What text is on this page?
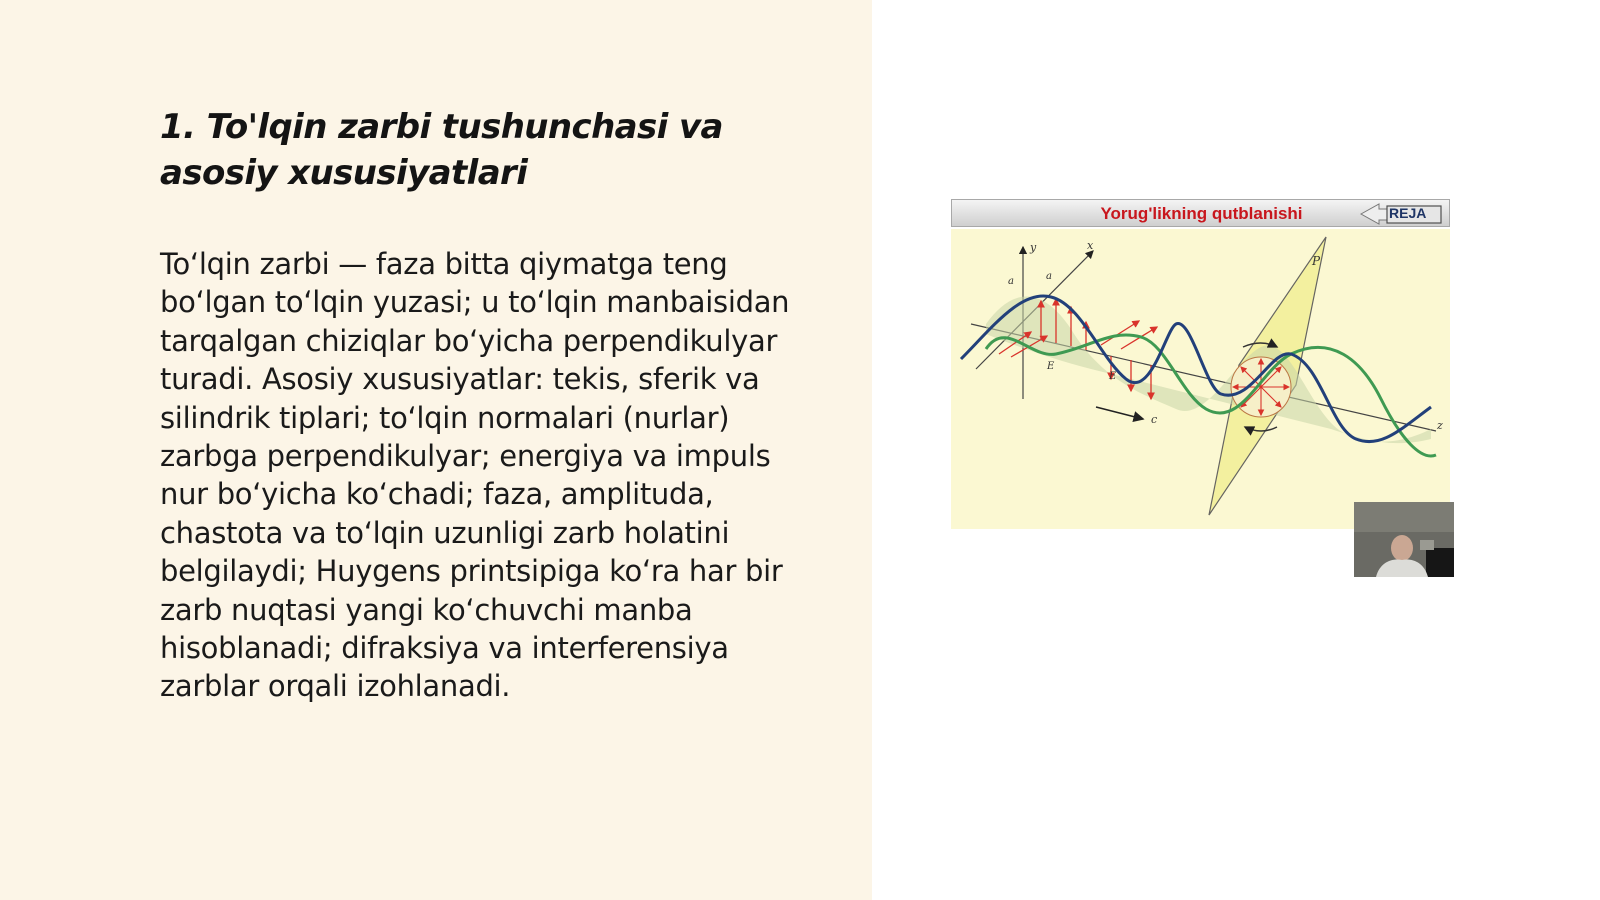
1. To'lqin zarbi tushunchasi va asosiy xususiyatlari

To‘lqin zarbi — faza bitta qiymatga teng bo‘lgan to‘lqin yuzasi; u to‘lqin manbaisidan tarqalgan chiziqlar bo‘yicha perpendikulyar turadi. Asosiy xususiyatlar: tekis, sferik va silindrik tiplari; to‘lqin normalari (nurlar) zarbga perpendikulyar; energiya va impuls nur bo‘yicha ko‘chadi; faza, amplituda, chastota va to‘lqin uzunligi zarb holatini belgilaydi; Huygens printsipiga ko‘ra har bir zarb nuqtasi yangi ko‘chuvchi manba hisoblanadi; difraksiya va interferensiya zarblar orqali izohlanadi.

Yorug'likning qutblanishi	REJA
y	x
z
P
c
a	a
E
E
